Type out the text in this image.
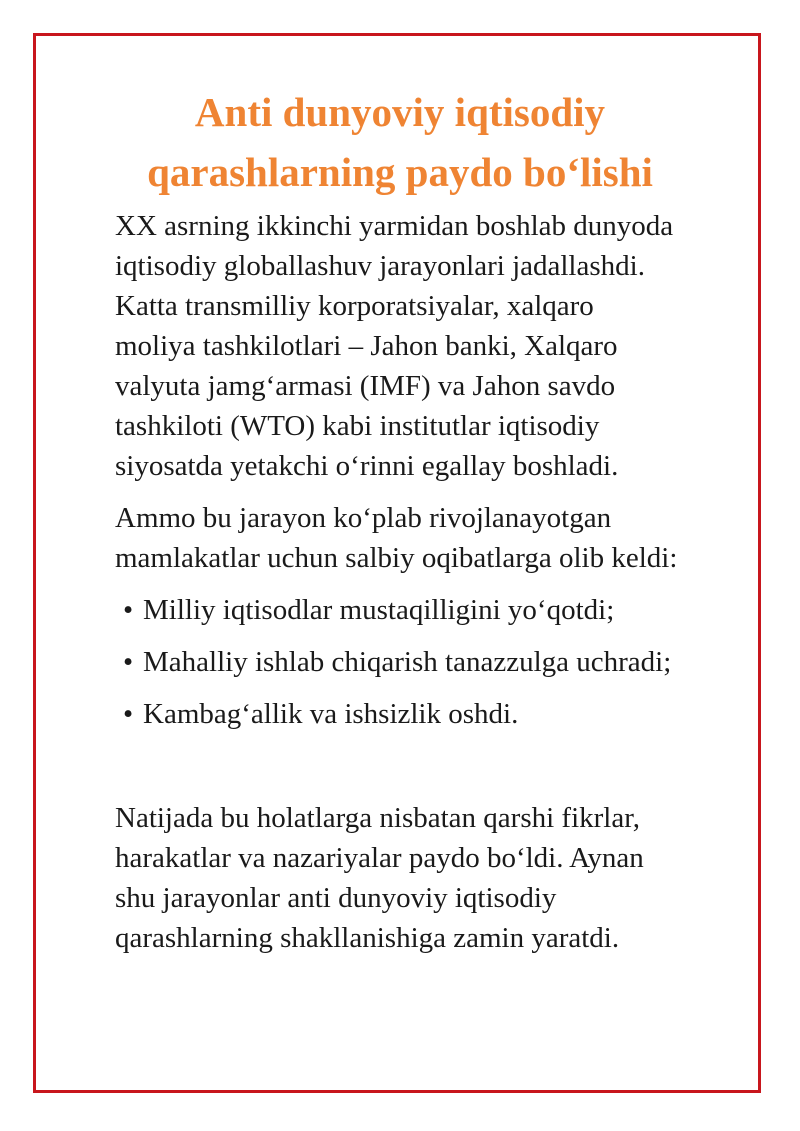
Anti dunyoviy iqtisodiy
qarashlarning paydo bo‘lishi

XX asrning ikkinchi yarmidan boshlab dunyoda
iqtisodiy globallashuv jarayonlari jadallashdi.
Katta transmilliy korporatsiyalar, xalqaro
moliya tashkilotlari – Jahon banki, Xalqaro
valyuta jamg‘armasi (IMF) va Jahon savdo
tashkiloti (WTO) kabi institutlar iqtisodiy
siyosatda yetakchi o‘rinni egallay boshladi.

Ammo bu jarayon ko‘plab rivojlanayotgan
mamlakatlar uchun salbiy oqibatlarga olib keldi:

• Milliy iqtisodlar mustaqilligini yo‘qotdi;
• Mahalliy ishlab chiqarish tanazzulga uchradi;
• Kambag‘allik va ishsizlik oshdi.

Natijada bu holatlarga nisbatan qarshi fikrlar,
harakatlar va nazariyalar paydo bo‘ldi. Aynan
shu jarayonlar anti dunyoviy iqtisodiy
qarashlarning shakllanishiga zamin yaratdi.
